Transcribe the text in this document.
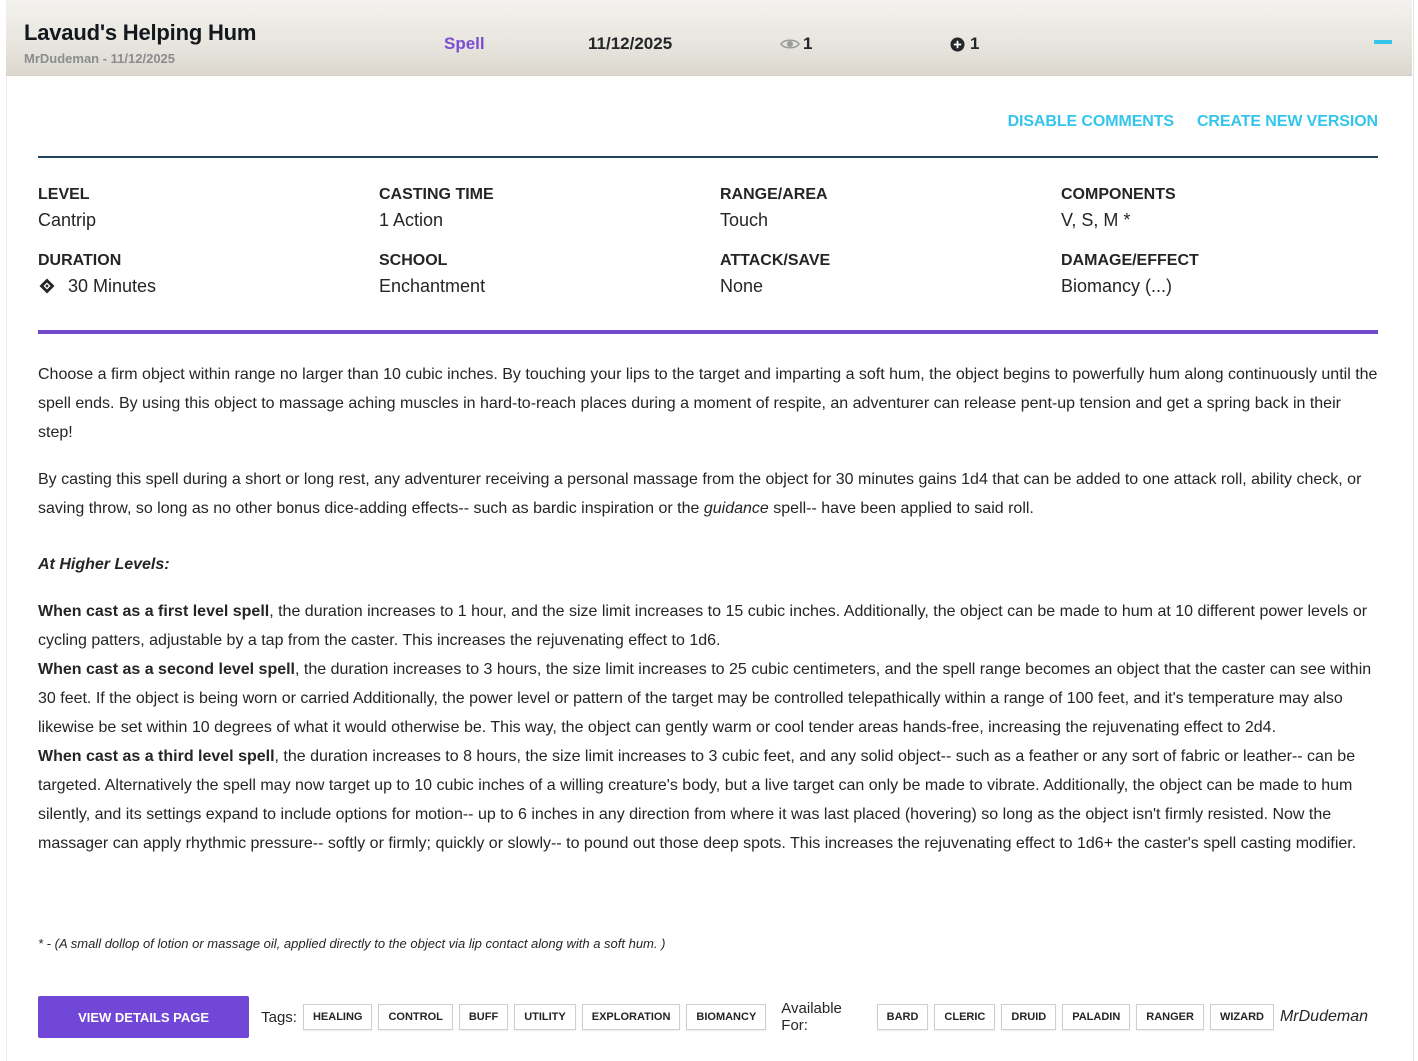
Lavaud's Helping Hum
MrDudeman - 11/12/2025
Spell	11/12/2025	1	1
DISABLE COMMENTS CREATE NEW VERSION
LEVEL
Cantrip
CASTING TIME
1 Action
RANGE/AREA
Touch
COMPONENTS
V, S, M *
DURATION
30 Minutes
SCHOOL
Enchantment
ATTACK/SAVE
None
DAMAGE/EFFECT
Biomancy (...)

Choose a firm object within range no larger than 10 cubic inches. By touching your lips to the target and imparting a soft hum, the object begins to powerfully hum along continuously until the spell ends. By using this object to massage aching muscles in hard-to-reach places during a moment of respite, an adventurer can release pent-up tension and get a spring back in their step!

By casting this spell during a short or long rest, any adventurer receiving a personal massage from the object for 30 minutes gains 1d4 that can be added to one attack roll, ability check, or saving throw, so long as no other bonus dice-adding effects-- such as bardic inspiration or the guidance spell-- have been applied to said roll.

At Higher Levels:

When cast as a first level spell, the duration increases to 1 hour, and the size limit increases to 15 cubic inches. Additionally, the object can be made to hum at 10 different power levels or cycling patters, adjustable by a tap from the caster. This increases the rejuvenating effect to 1d6.

When cast as a second level spell, the duration increases to 3 hours, the size limit increases to 25 cubic centimeters, and the spell range becomes an object that the caster can see within 30 feet. If the object is being worn or carried Additionally, the power level or pattern of the target may be controlled telepathically within a range of 100 feet, and it's temperature may also likewise be set within 10 degrees of what it would otherwise be. This way, the object can gently warm or cool tender areas hands-free, increasing the rejuvenating effect to 2d4.

When cast as a third level spell, the duration increases to 8 hours, the size limit increases to 3 cubic feet, and any solid object-- such as a feather or any sort of fabric or leather-- can be targeted. Alternatively the spell may now target up to 10 cubic inches of a willing creature's body, but a live target can only be made to vibrate. Additionally, the object can be made to hum silently, and its settings expand to include options for motion-- up to 6 inches in any direction from where it was last placed (hovering) so long as the object isn't firmly resisted. Now the massager can apply rhythmic pressure-- softly or firmly; quickly or slowly-- to pound out those deep spots. This increases the rejuvenating effect to 1d6+ the caster's spell casting modifier.

* - (A small dollop of lotion or massage oil, applied directly to the object via lip contact along with a soft hum. )
VIEW DETAILS PAGE	Tags:	HEALING	CONTROL	BUFF	UTILITY	EXPLORATION	BIOMANCY	Available For:	BARD	CLERIC	DRUID	PALADIN	RANGER	WIZARD	MrDudeman
